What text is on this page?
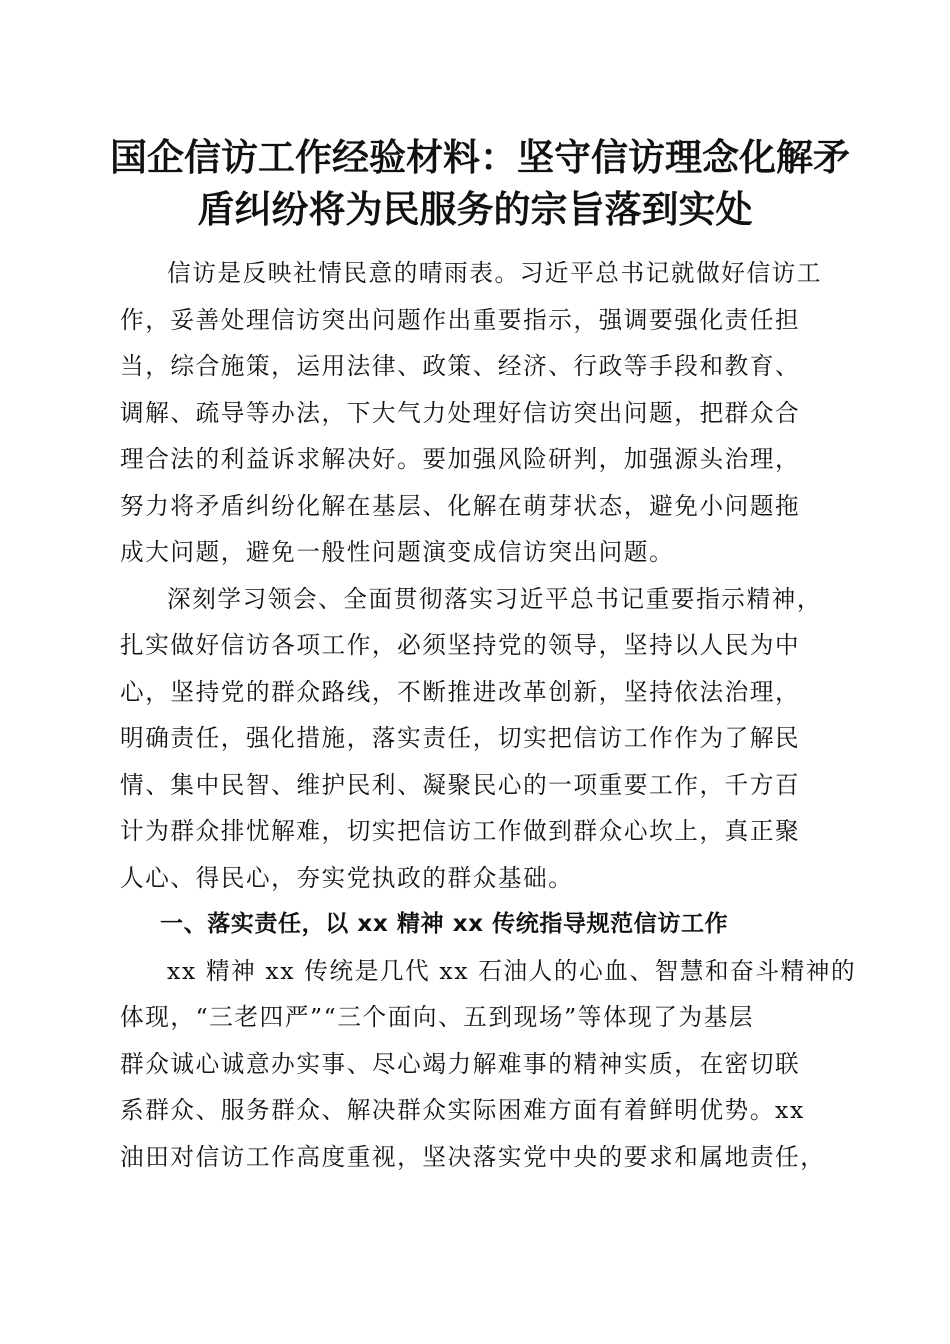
国企信访工作经验材料：坚守信访理念化解矛
盾纠纷将为民服务的宗旨落到实处
信访是反映社情民意的晴雨表。习近平总书记就做好信访工
作，妥善处理信访突出问题作出重要指示，强调要强化责任担
当，综合施策，运用法律、政策、经济、行政等手段和教育、
调解、疏导等办法，下大气力处理好信访突出问题，把群众合
理合法的利益诉求解决好。要加强风险研判，加强源头治理，
努力将矛盾纠纷化解在基层、化解在萌芽状态，避免小问题拖
成大问题，避免一般性问题演变成信访突出问题。
深刻学习领会、全面贯彻落实习近平总书记重要指示精神，
扎实做好信访各项工作，必须坚持党的领导，坚持以人民为中
心，坚持党的群众路线，不断推进改革创新，坚持依法治理，
明确责任，强化措施，落实责任，切实把信访工作作为了解民
情、集中民智、维护民利、凝聚民心的一项重要工作，千方百
计为群众排忧解难，切实把信访工作做到群众心坎上，真正聚
人心、得民心，夯实党执政的群众基础。
一、落实责任，以 xx 精神 xx 传统指导规范信访工作
xx 精神 xx 传统是几代 xx 石油人的心血、智慧和奋斗精神的
体现，“三老四严”“三个面向、五到现场”等体现了为基层
群众诚心诚意办实事、尽心竭力解难事的精神实质，在密切联
系群众、服务群众、解决群众实际困难方面有着鲜明优势。xx
油田对信访工作高度重视，坚决落实党中央的要求和属地责任，
